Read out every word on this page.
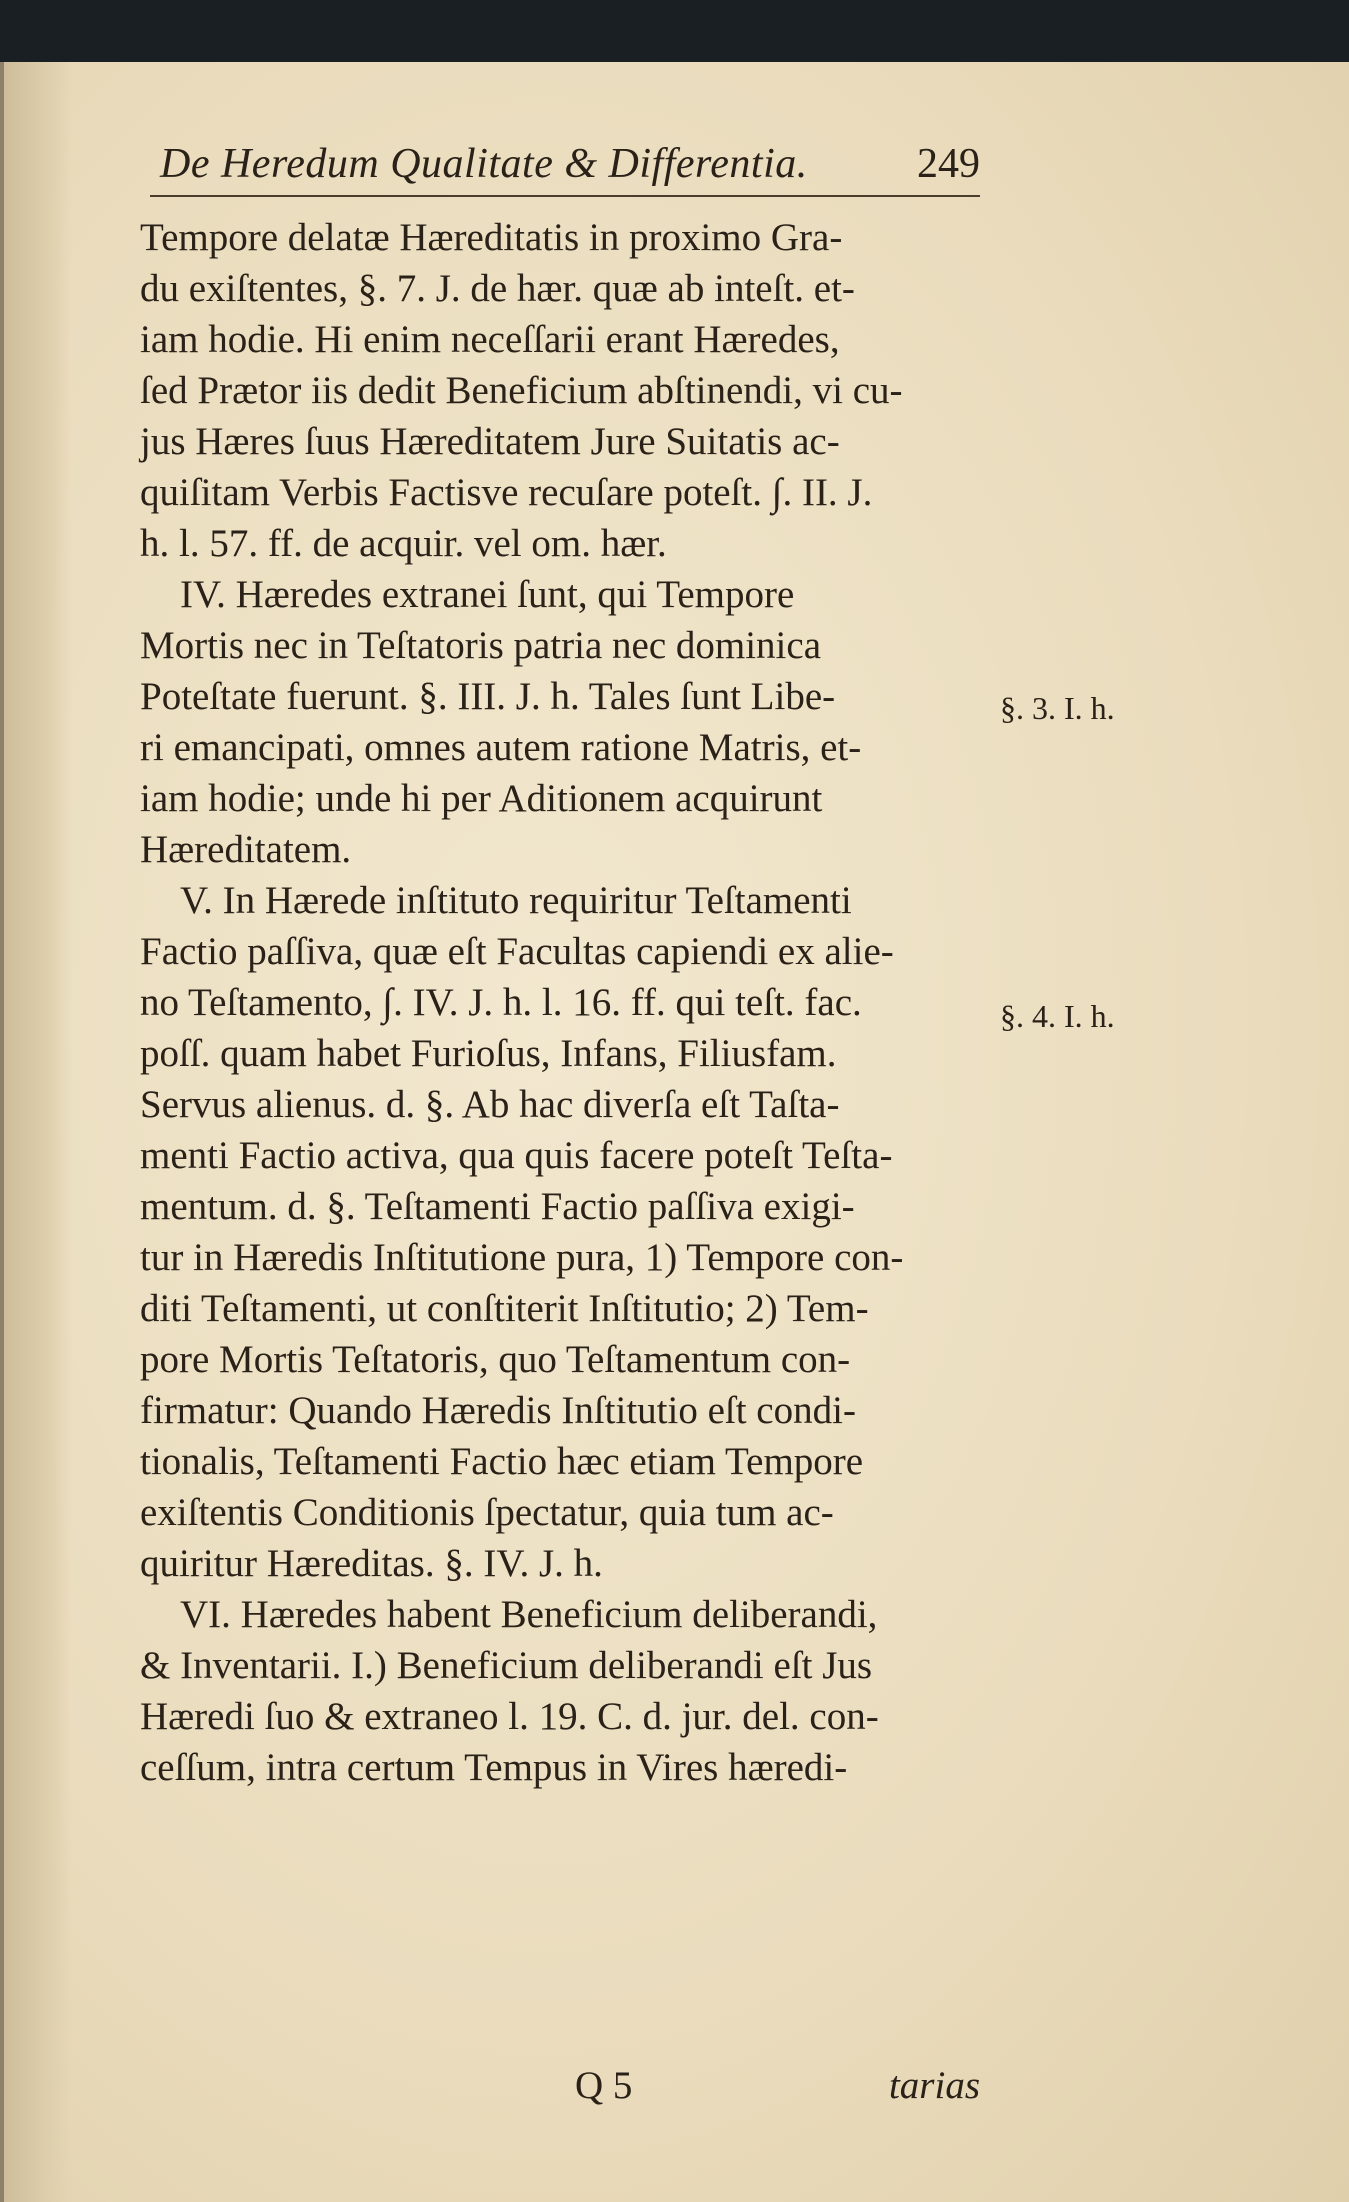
De Heredum Qualitate & Differentia.	249
Tempore delatæ Hæreditatis in proximo Gra-
du exiſtentes, §. 7. J. de hær. quæ ab inteſt. et-
iam hodie. Hi enim neceſſarii erant Hæredes,
ſed Prætor iis dedit Beneficium abſtinendi, vi cu-
jus Hæres ſuus Hæreditatem Jure Suitatis ac-
quiſitam Verbis Factisve recuſare poteſt. ∫. II. J.
h. l. 57. ff. de acquir. vel om. hær.
IV. Hæredes extranei ſunt, qui Tempore
Mortis nec in Teſtatoris patria nec dominica
Poteſtate fuerunt. §. III. J. h. Tales ſunt Libe-
ri emancipati, omnes autem ratione Matris, et-
iam hodie; unde hi per Aditionem acquirunt
Hæreditatem.
V. In Hærede inſtituto requiritur Teſtamenti
Factio paſſiva, quæ eſt Facultas capiendi ex alie-
no Teſtamento, ∫. IV. J. h. l. 16. ff. qui teſt. fac.
poſſ. quam habet Furioſus, Infans, Filiusfam.
Servus alienus. d. §. Ab hac diverſa eſt Taſta-
menti Factio activa, qua quis facere poteſt Teſta-
mentum. d. §. Teſtamenti Factio paſſiva exigi-
tur in Hæredis Inſtitutione pura, 1) Tempore con-
diti Teſtamenti, ut conſtiterit Inſtitutio; 2) Tem-
pore Mortis Teſtatoris, quo Teſtamentum con-
firmatur: Quando Hæredis Inſtitutio eſt condi-
tionalis, Teſtamenti Factio hæc etiam Tempore
exiſtentis Conditionis ſpectatur, quia tum ac-
quiritur Hæreditas. §. IV. J. h.
VI. Hæredes habent Beneficium deliberandi,
& Inventarii. I.) Beneficium deliberandi eſt Jus
Hæredi ſuo & extraneo l. 19. C. d. jur. del. con-
ceſſum, intra certum Tempus in Vires hæredi-
§. 3. I. h.
§. 4. I. h.
Q 5	tarias
